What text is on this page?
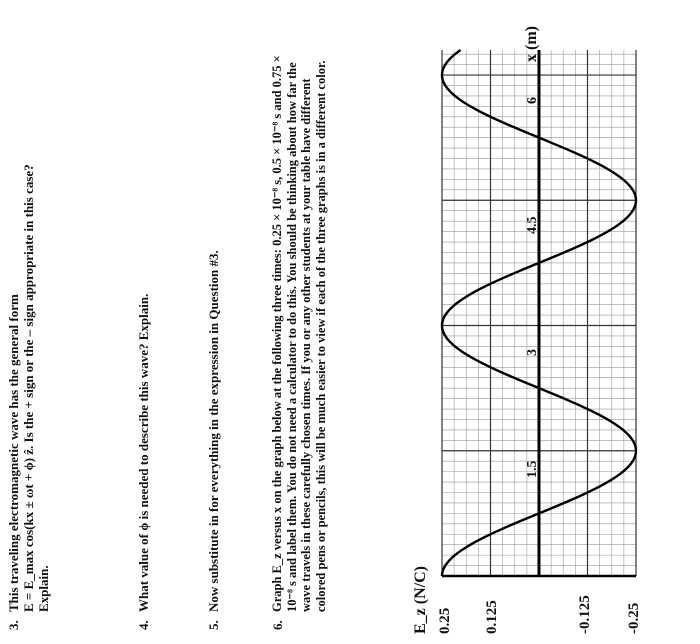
3.This traveling electromagnetic wave has the general form
E = E_max cos(kx ± ωt + ϕ) ẑ. Is the + sign or the – sign appropriate in this case?
Explain.
4.What value of ϕ is needed to describe this wave? Explain.
5.Now substitute in for everything in the expression in Question #3.
6.
Graph E_z versus x on the graph below at the following three times: 0.25 × 10⁻⁸ s, 0.5 × 10⁻⁸ s and 0.75 × 10⁻⁸ s and label them. You do not need a calculator to do this. You should be thinking about how far the wave travels in these carefully chosen times. If you or any other students at your table have different colored pens or pencils, this will be much easier to view if each of the three graphs is in a different color.	E_z (N/C) 0.25 0.125	-0.125 -0.25
1.5
3
4.5
6
x (m)
